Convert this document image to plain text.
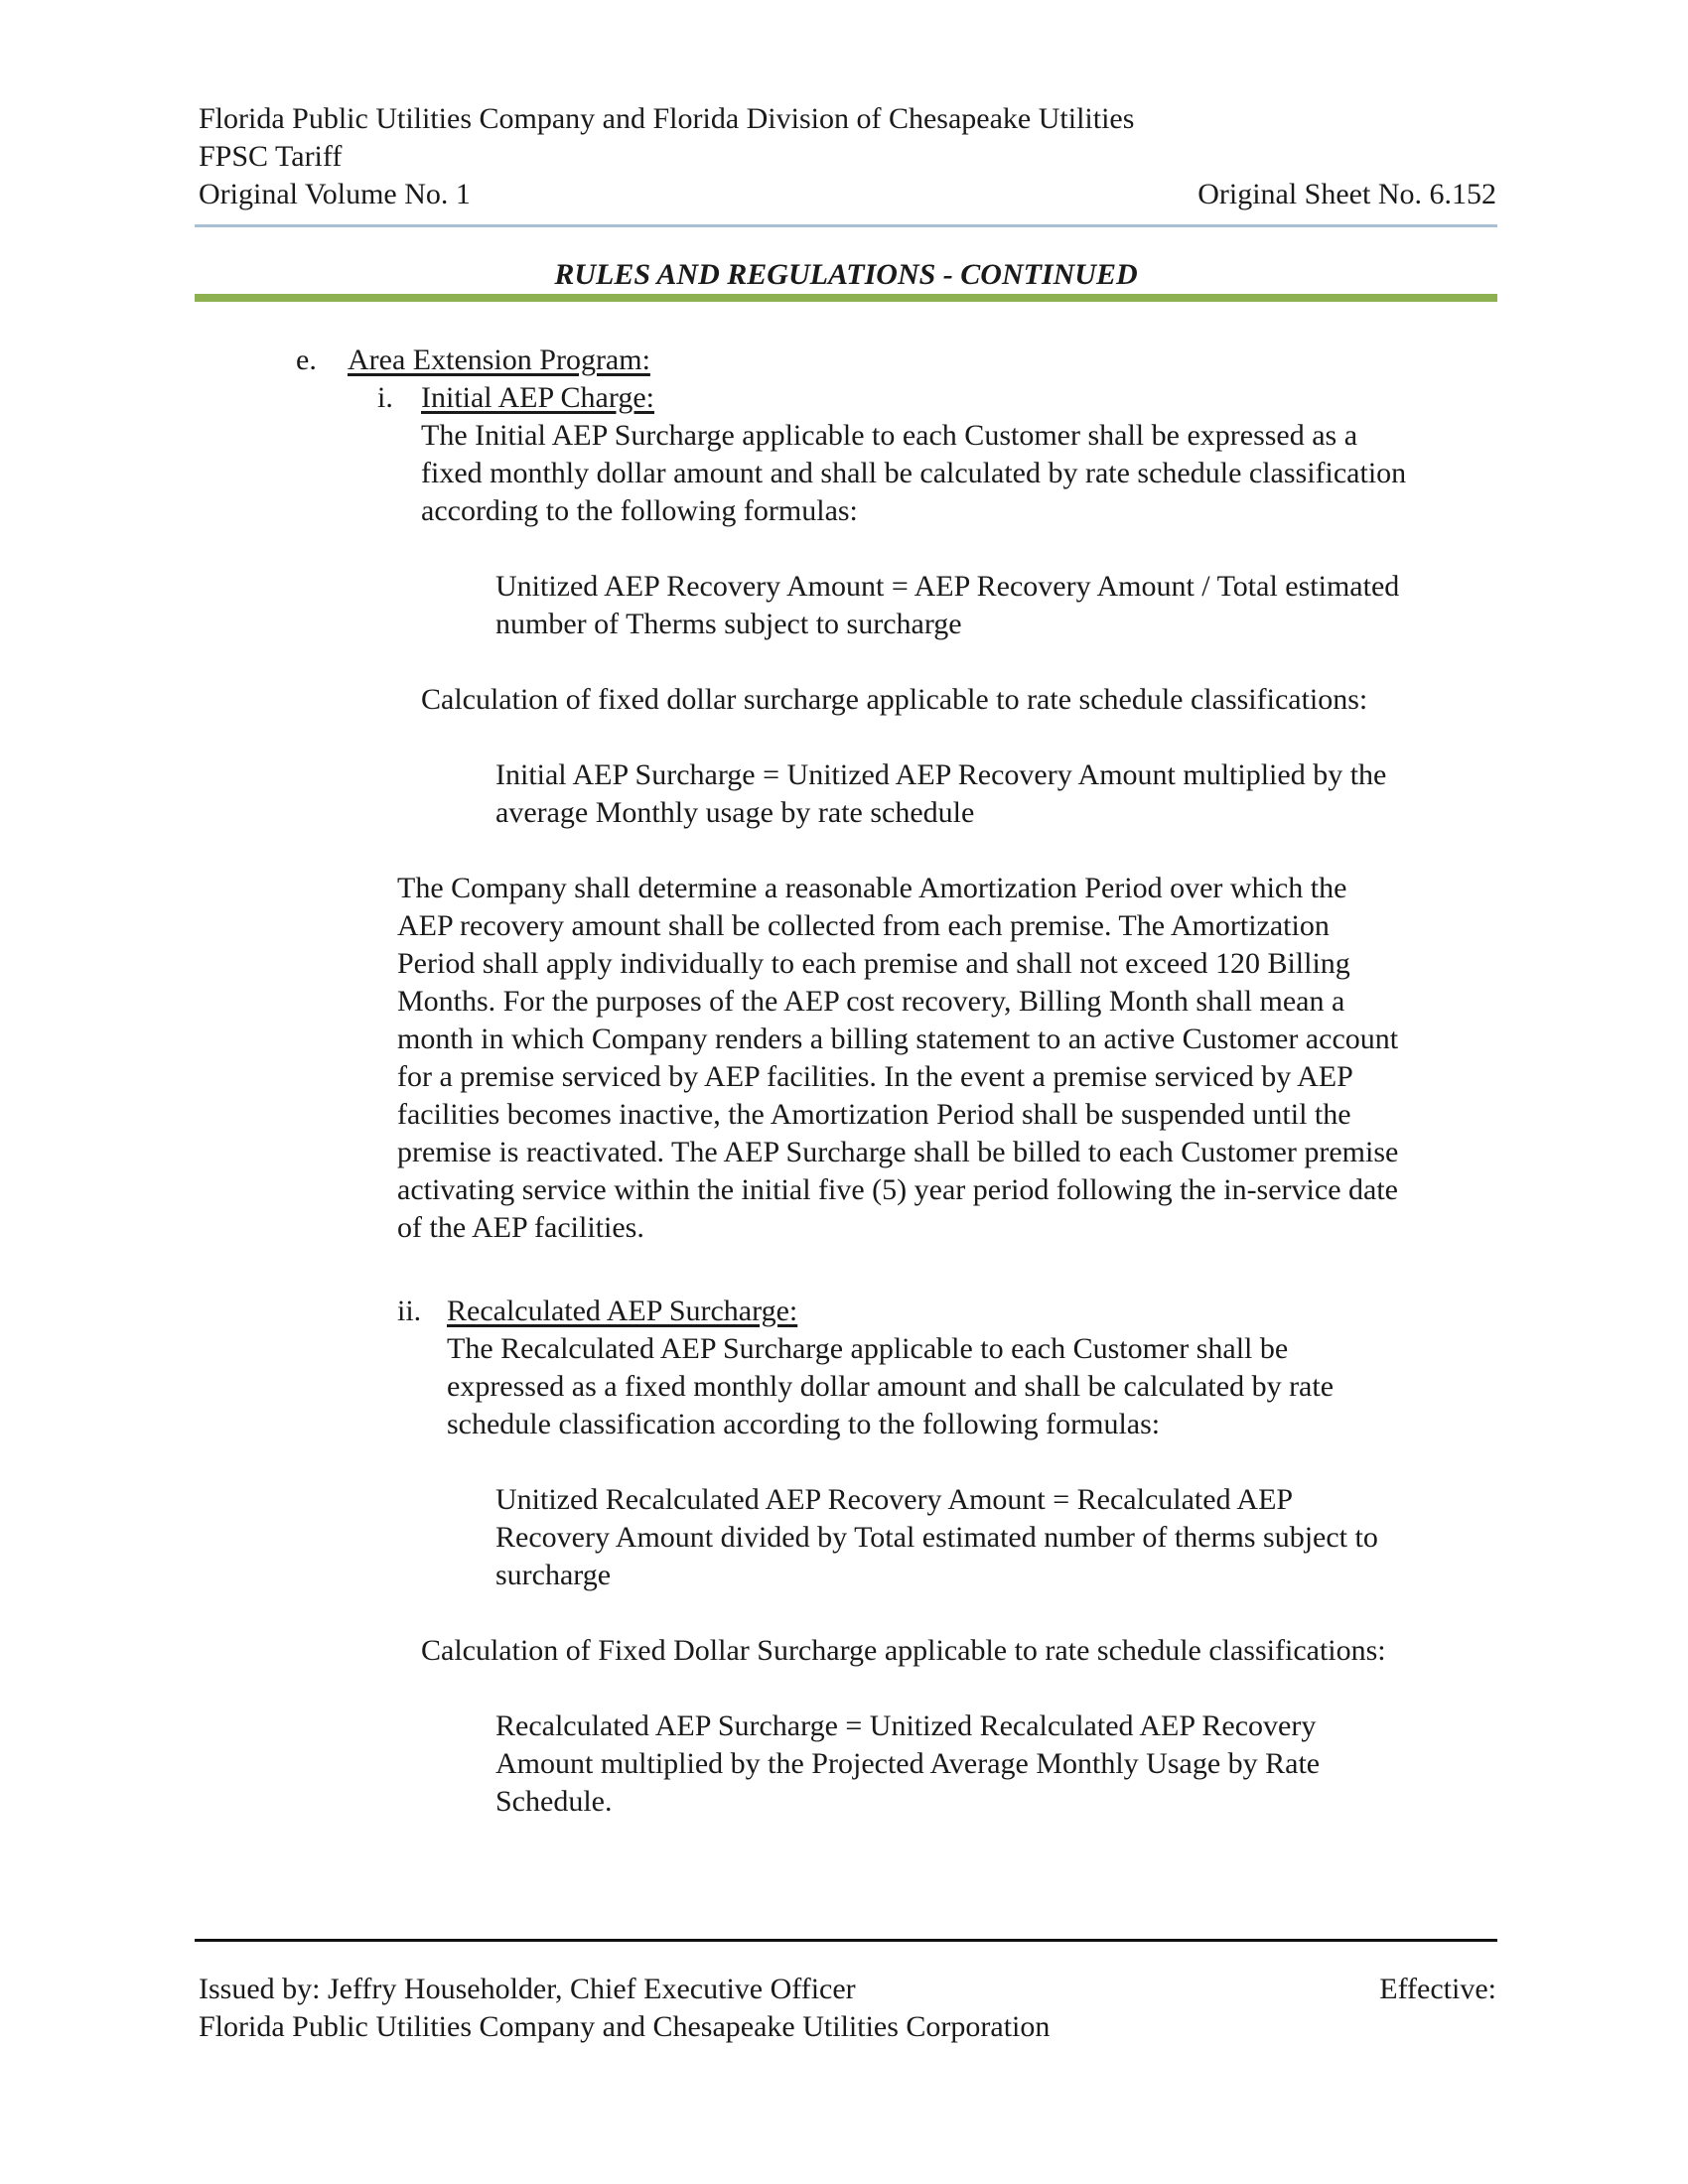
Florida Public Utilities Company and Florida Division of Chesapeake Utilities
FPSC Tariff
Original Volume No. 1	Original Sheet No. 6.152
RULES AND REGULATIONS - CONTINUED
e. Area Extension Program:
i. Initial AEP Charge:
The Initial AEP Surcharge applicable to each Customer shall be expressed as a
fixed monthly dollar amount and shall be calculated by rate schedule classification
according to the following formulas:
Unitized AEP Recovery Amount = AEP Recovery Amount / Total estimated
number of Therms subject to surcharge
Calculation of fixed dollar surcharge applicable to rate schedule classifications:
Initial AEP Surcharge = Unitized AEP Recovery Amount multiplied by the
average Monthly usage by rate schedule
The Company shall determine a reasonable Amortization Period over which the
AEP recovery amount shall be collected from each premise. The Amortization
Period shall apply individually to each premise and shall not exceed 120 Billing
Months. For the purposes of the AEP cost recovery, Billing Month shall mean a
month in which Company renders a billing statement to an active Customer account
for a premise serviced by AEP facilities. In the event a premise serviced by AEP
facilities becomes inactive, the Amortization Period shall be suspended until the
premise is reactivated. The AEP Surcharge shall be billed to each Customer premise
activating service within the initial five (5) year period following the in-service date
of the AEP facilities.
ii. Recalculated AEP Surcharge:
The Recalculated AEP Surcharge applicable to each Customer shall be
expressed as a fixed monthly dollar amount and shall be calculated by rate
schedule classification according to the following formulas:
Unitized Recalculated AEP Recovery Amount = Recalculated AEP
Recovery Amount divided by Total estimated number of therms subject to
surcharge
Calculation of Fixed Dollar Surcharge applicable to rate schedule classifications:
Recalculated AEP Surcharge = Unitized Recalculated AEP Recovery
Amount multiplied by the Projected Average Monthly Usage by Rate
Schedule.
Issued by: Jeffry Householder, Chief Executive Officer	Effective:
Florida Public Utilities Company and Chesapeake Utilities Corporation
